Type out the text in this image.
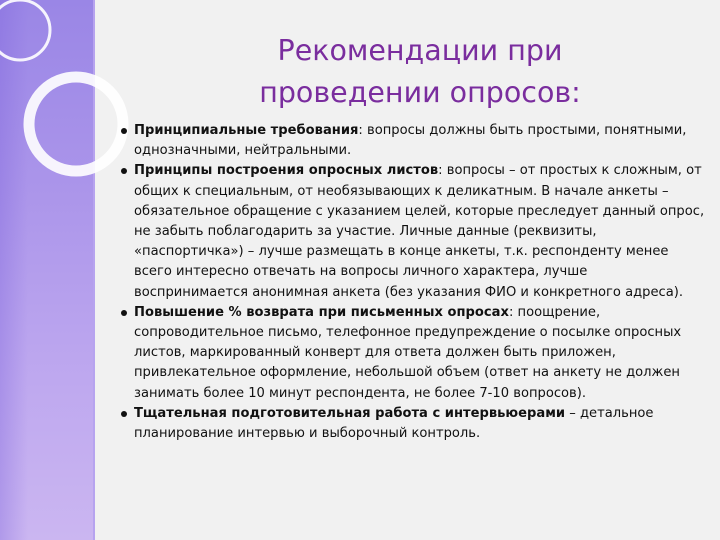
Рекомендации при
проведении опросов:
Принципиальные требования: вопросы должны быть простыми, понятными, однозначными, нейтральными.
Принципы построения опросных листов: вопросы – от простых к сложным, от общих к специальным, от необязывающих к деликатным. В начале анкеты – обязательное обращение с указанием целей, которые преследует данный опрос, не забыть поблагодарить за участие. Личные данные (реквизиты, «паспортичка») – лучше размещать в конце анкеты, т.к. респонденту менее всего интересно отвечать на вопросы личного характера, лучше воспринимается анонимная анкета (без указания ФИО и конкретного адреса).
Повышение % возврата при письменных опросах: поощрение, сопроводительное письмо, телефонное предупреждение о посылке опросных листов, маркированный конверт для ответа должен быть приложен, привлекательное оформление, небольшой объем (ответ на анкету не должен занимать более 10 минут респондента, не более 7-10 вопросов).
Тщательная подготовительная работа с интервьюерами – детальное планирование интервью и выборочный контроль.
